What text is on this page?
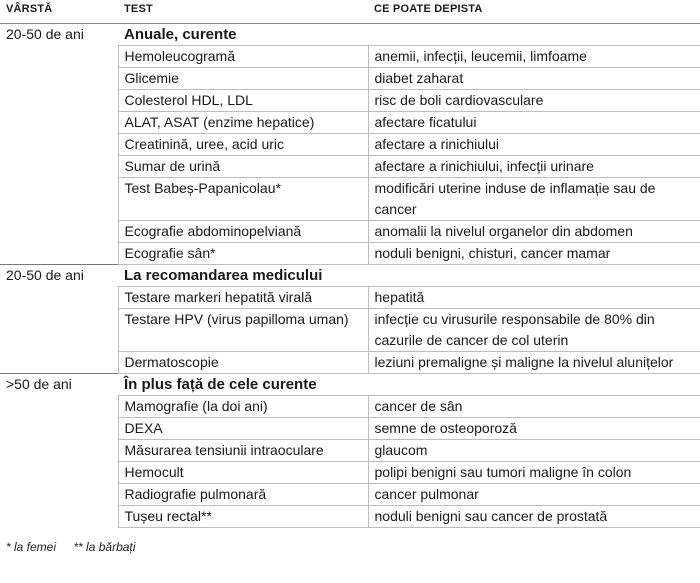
VÂRSTĂ	TEST	CE POATE DEPISTA
20-50 de ani	Anuale, curente	
	Hemoleucogramă	anemii, infecții, leucemii, limfoame
	Glicemie	diabet zaharat
	Colesterol HDL, LDL	risc de boli cardiovasculare
	ALAT, ASAT (enzime hepatice)	afectare ficatului
	Creatinină, uree, acid uric	afectare a rinichiului
	Sumar de urină	afectare a rinichiului, infecții urinare
	Test Babeș-Papanicolau*	modificări uterine induse de inflamație sau de cancer
	Ecografie abdominopelviană	anomalii la nivelul organelor din abdomen
	Ecografie sân*	noduli benigni, chisturi, cancer mamar
20-50 de ani	La recomandarea medicului	
	Testare markeri hepatită virală	hepatită
	Testare HPV (virus papilloma uman)	infecție cu virusurile responsabile de 80% din cazurile de cancer de col uterin
	Dermatoscopie	leziuni premaligne și maligne la nivelul alunițelor
>50 de ani	În plus față de cele curente	
	Mamografie (la doi ani)	cancer de sân
	DEXA	semne de osteoporoză
	Măsurarea tensiunii intraoculare	glaucom
	Hemocult	polipi benigni sau tumori maligne în colon
	Radiografie pulmonară	cancer pulmonar
	Tușeu rectal**	noduli benigni sau cancer de prostată
* la femei ** la bărbați
